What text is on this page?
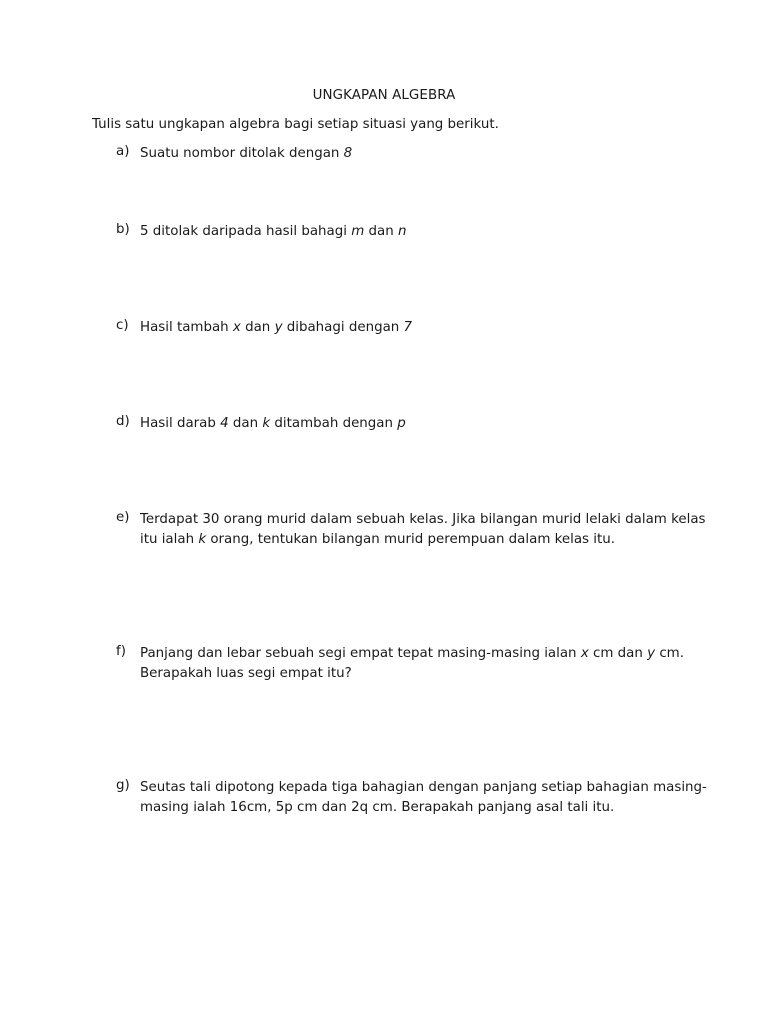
UNGKAPAN ALGEBRA
Tulis satu ungkapan algebra bagi setiap situasi yang berikut.
a) Suatu nombor ditolak dengan 8
b) 5 ditolak daripada hasil bahagi m dan n
c) Hasil tambah x dan y dibahagi dengan 7
d) Hasil darab 4 dan k ditambah dengan p
e) Terdapat 30 orang murid dalam sebuah kelas. Jika bilangan murid lelaki dalam kelas
itu ialah k orang, tentukan bilangan murid perempuan dalam kelas itu.
f)	Panjang dan lebar sebuah segi empat tepat masing-masing ialan x cm dan y cm.
Berapakah luas segi empat itu?
g) Seutas tali dipotong kepada tiga bahagian dengan panjang setiap bahagian masing-
masing ialah 16cm, 5p cm dan 2q cm. Berapakah panjang asal tali itu.
